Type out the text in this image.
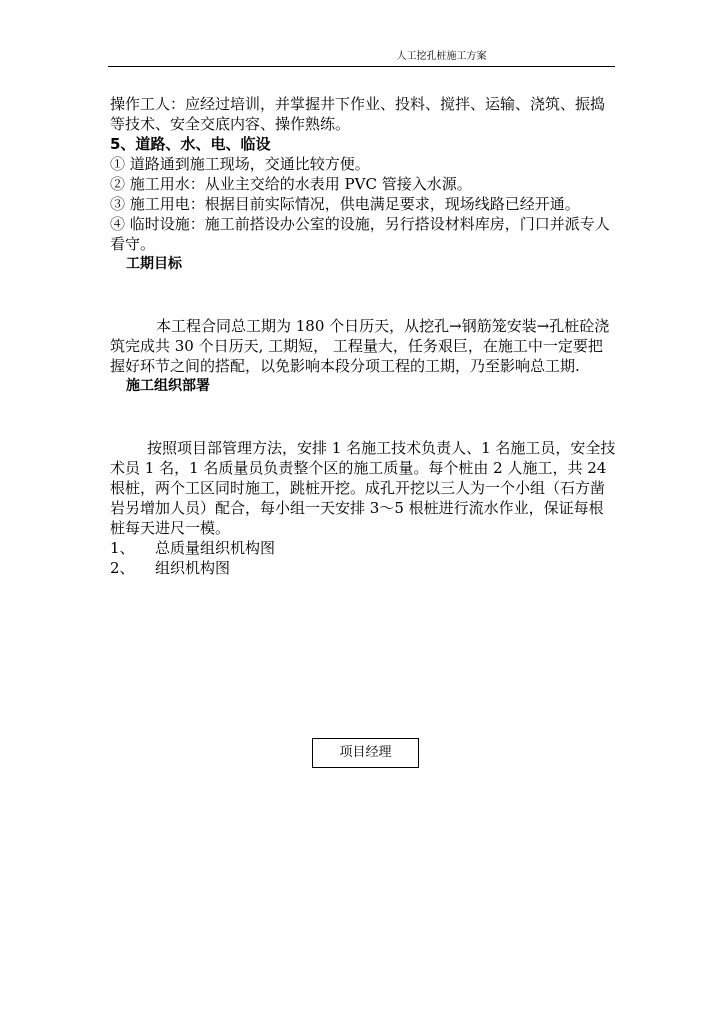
人工挖孔桩施工方案

操作工人：应经过培训，并掌握井下作业、投料、搅拌、运输、浇筑、振捣等技术、安全交底内容、操作熟练。

5、道路、水、电、临设

① 道路通到施工现场，交通比较方便。

② 施工用水：从业主交给的水表用 PVC 管接入水源。

③ 施工用电：根据目前实际情况，供电满足要求，现场线路已经开通。

④ 临时设施：施工前搭设办公室的设施，另行搭设材料库房，门口并派专人看守。

工期目标

本工程合同总工期为 180 个日历天，从挖孔→钢筋笼安装→孔桩砼浇筑完成共 30 个日历天, 工期短， 工程量大，任务艰巨，在施工中一定要把握好环节之间的搭配，以免影响本段分项工程的工期，乃至影响总工期.

施工组织部署

按照项目部管理方法，安排 1 名施工技术负责人、1 名施工员，安全技术员 1 名，1 名质量员负责整个区的施工质量。每个桩由 2 人施工，共 24 根桩，两个工区同时施工，跳桩开挖。成孔开挖以三人为一个小组（石方凿岩另增加人员）配合，每小组一天安排 3～5 根桩进行流水作业，保证每根桩每天进尺一模。

1、	总质量组织机构图
2、	组织机构图
项目经理
